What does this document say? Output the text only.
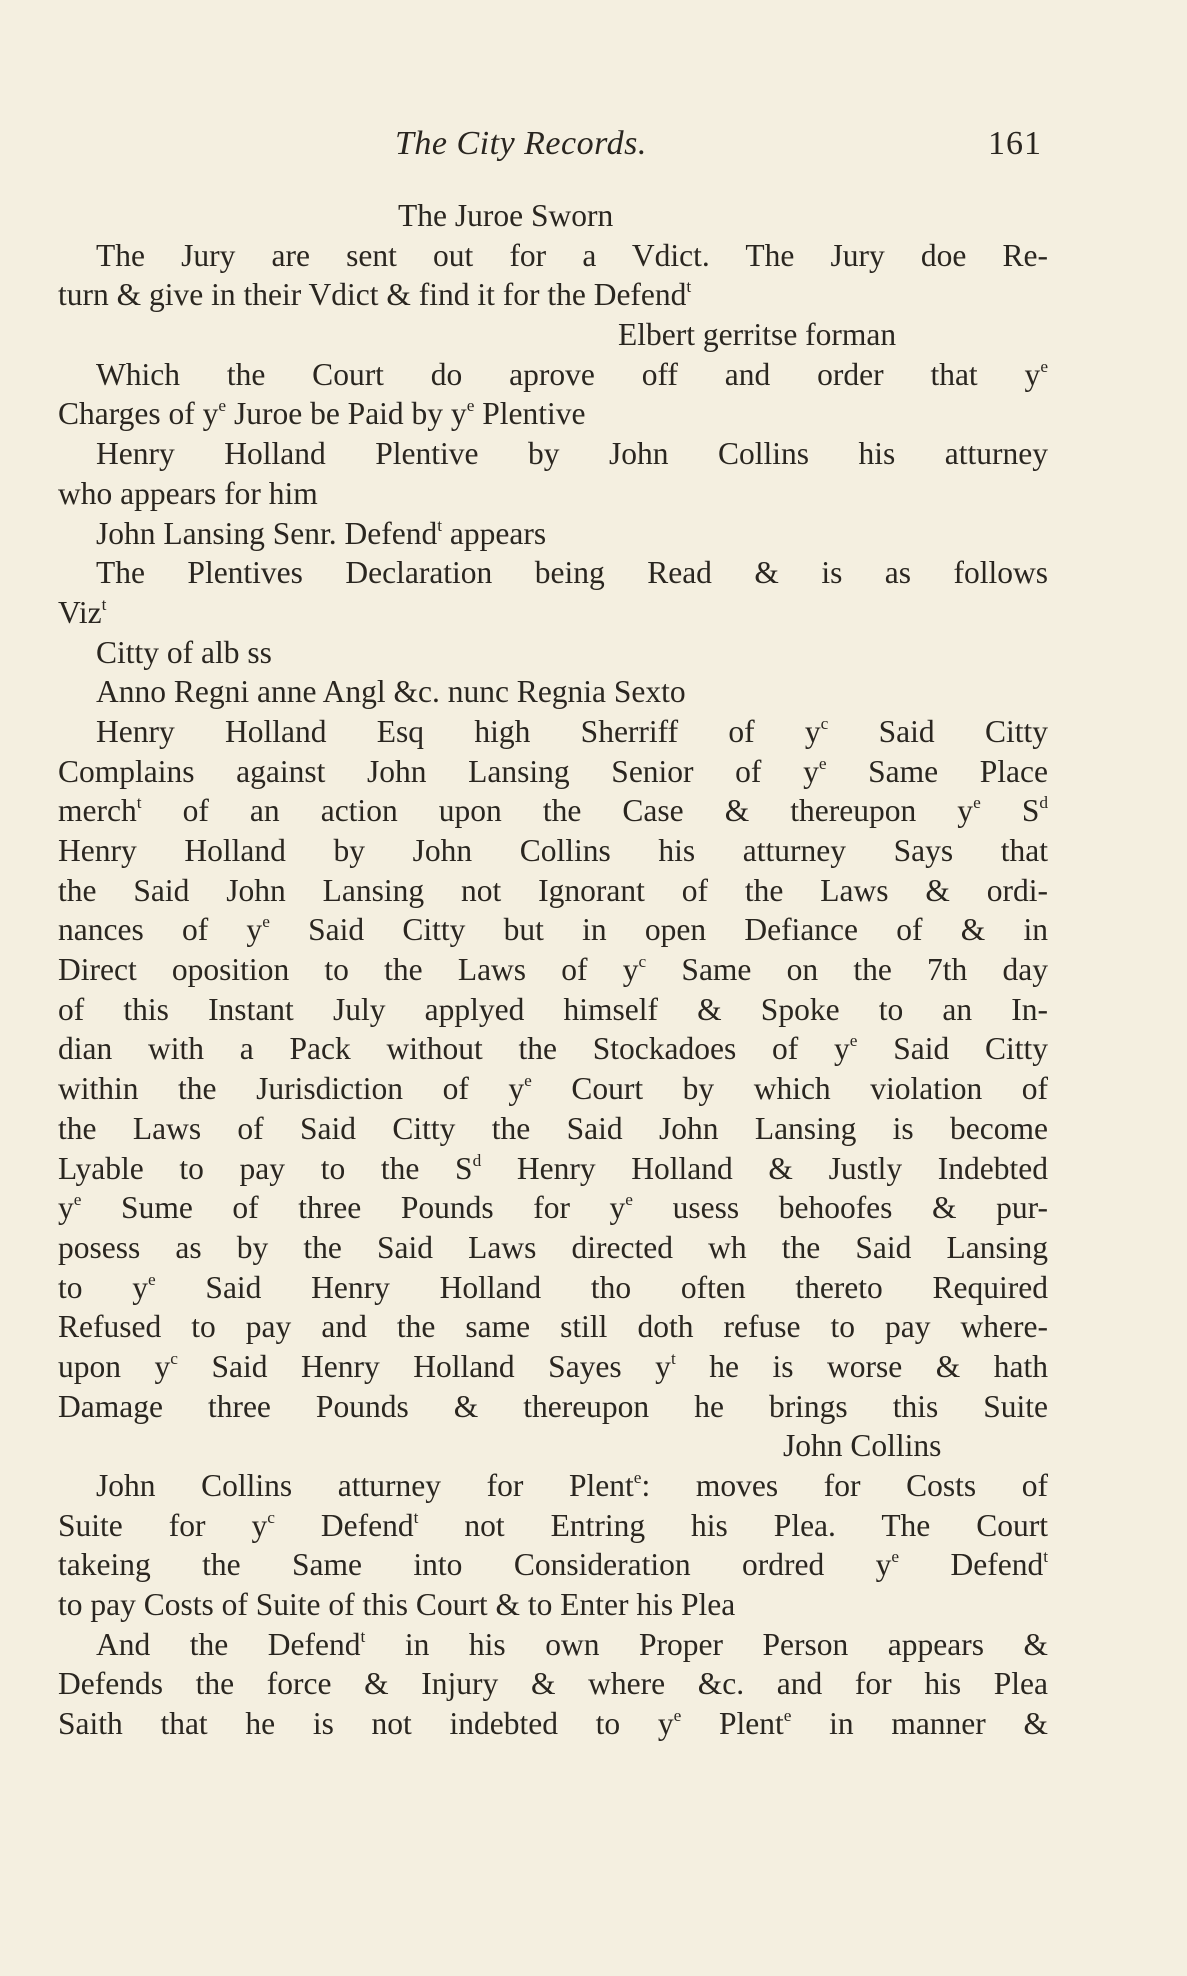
The City Records.	161
The Juroe Sworn
The Jury are sent out for a Vdict. The Jury doe Re-
turn & give in their Vdict & find it for the Defend$^t$
Elbert gerritse forman
Which the Court do aprove off and order that $y^e$
Charges of $y^e$ Juroe be Paid by $y^e$ Plentive
Henry Holland Plentive by John Collins his atturney
who appears for him
John Lansing Senr. Defend$^t$ appears
The Plentives Declaration being Read & is as follows
Viz$^t$
Citty of alb ss
Anno Regni anne Angl &c. nunc Regnia Sexto
Henry Holland Esq high Sherriff of $y^c$ Said Citty
Complains against John Lansing Senior of $y^e$ Same Place
merch$^t$ of an action upon the Case & thereupon $y^e$ $S^d$
Henry Holland by John Collins his atturney Says that
the Said John Lansing not Ignorant of the Laws & ordi-
nances of $y^e$ Said Citty but in open Defiance of & in
Direct oposition to the Laws of $y^c$ Same on the 7th day
of this Instant July applyed himself & Spoke to an In-
dian with a Pack without the Stockadoes of $y^e$ Said Citty
within the Jurisdiction of $y^e$ Court by which violation of
the Laws of Said Citty the Said John Lansing is become
Lyable to pay to the $S^d$ Henry Holland & Justly Indebted
$y^e$ Sume of three Pounds for $y^e$ usess behoofes & pur-
posess as by the Said Laws directed wh the Said Lansing
to $y^e$ Said Henry Holland tho often thereto Required
Refused to pay and the same still doth refuse to pay where-
upon $y^c$ Said Henry Holland Sayes $y^t$ he is worse & hath
Damage three Pounds & thereupon he brings this Suite
John Collins
John Collins atturney for Plent$^e$: moves for Costs of
Suite for $y^c$ Defend$^t$ not Entring his Plea. The Court
takeing the Same into Consideration ordred $y^e$ Defend$^t$
to pay Costs of Suite of this Court & to Enter his Plea
And the Defend$^t$ in his own Proper Person appears &
Defends the force & Injury & where &c. and for his Plea
Saith that he is not indebted to $y^e$ Plent$^e$ in manner &
